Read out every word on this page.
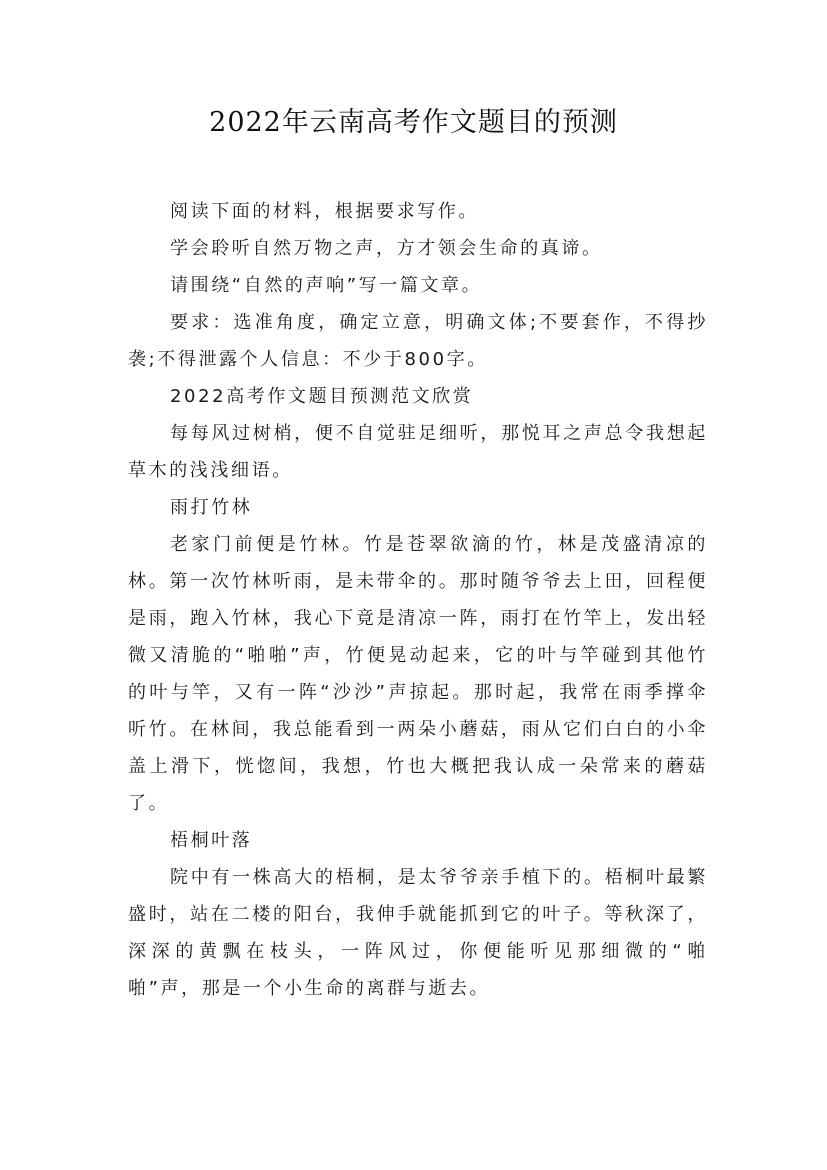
2022年云南高考作文题目的预测

阅读下面的材料，根据要求写作。

学会聆听自然万物之声，方才领会生命的真谛。

请围绕“自然的声响”写一篇文章。

要求：选准角度，确定立意，明确文体;不要套作，不得抄袭;不得泄露个人信息：不少于800字。

2022高考作文题目预测范文欣赏

每每风过树梢，便不自觉驻足细听，那悦耳之声总令我想起草木的浅浅细语。

雨打竹林

老家门前便是竹林。竹是苍翠欲滴的竹，林是茂盛清凉的林。第一次竹林听雨，是未带伞的。那时随爷爷去上田，回程便是雨，跑入竹林，我心下竟是清凉一阵，雨打在竹竿上，发出轻微又清脆的“啪啪”声，竹便晃动起来，它的叶与竿碰到其他竹的叶与竿，又有一阵“沙沙”声掠起。那时起，我常在雨季撑伞听竹。在林间，我总能看到一两朵小蘑菇，雨从它们白白的小伞盖上滑下，恍惚间，我想，竹也大概把我认成一朵常来的蘑菇了。

梧桐叶落

院中有一株高大的梧桐，是太爷爷亲手植下的。梧桐叶最繁盛时，站在二楼的阳台，我伸手就能抓到它的叶子。等秋深了，深深的黄飘在枝头，一阵风过，你便能听见那细微的“啪啪”声，那是一个小生命的离群与逝去。
